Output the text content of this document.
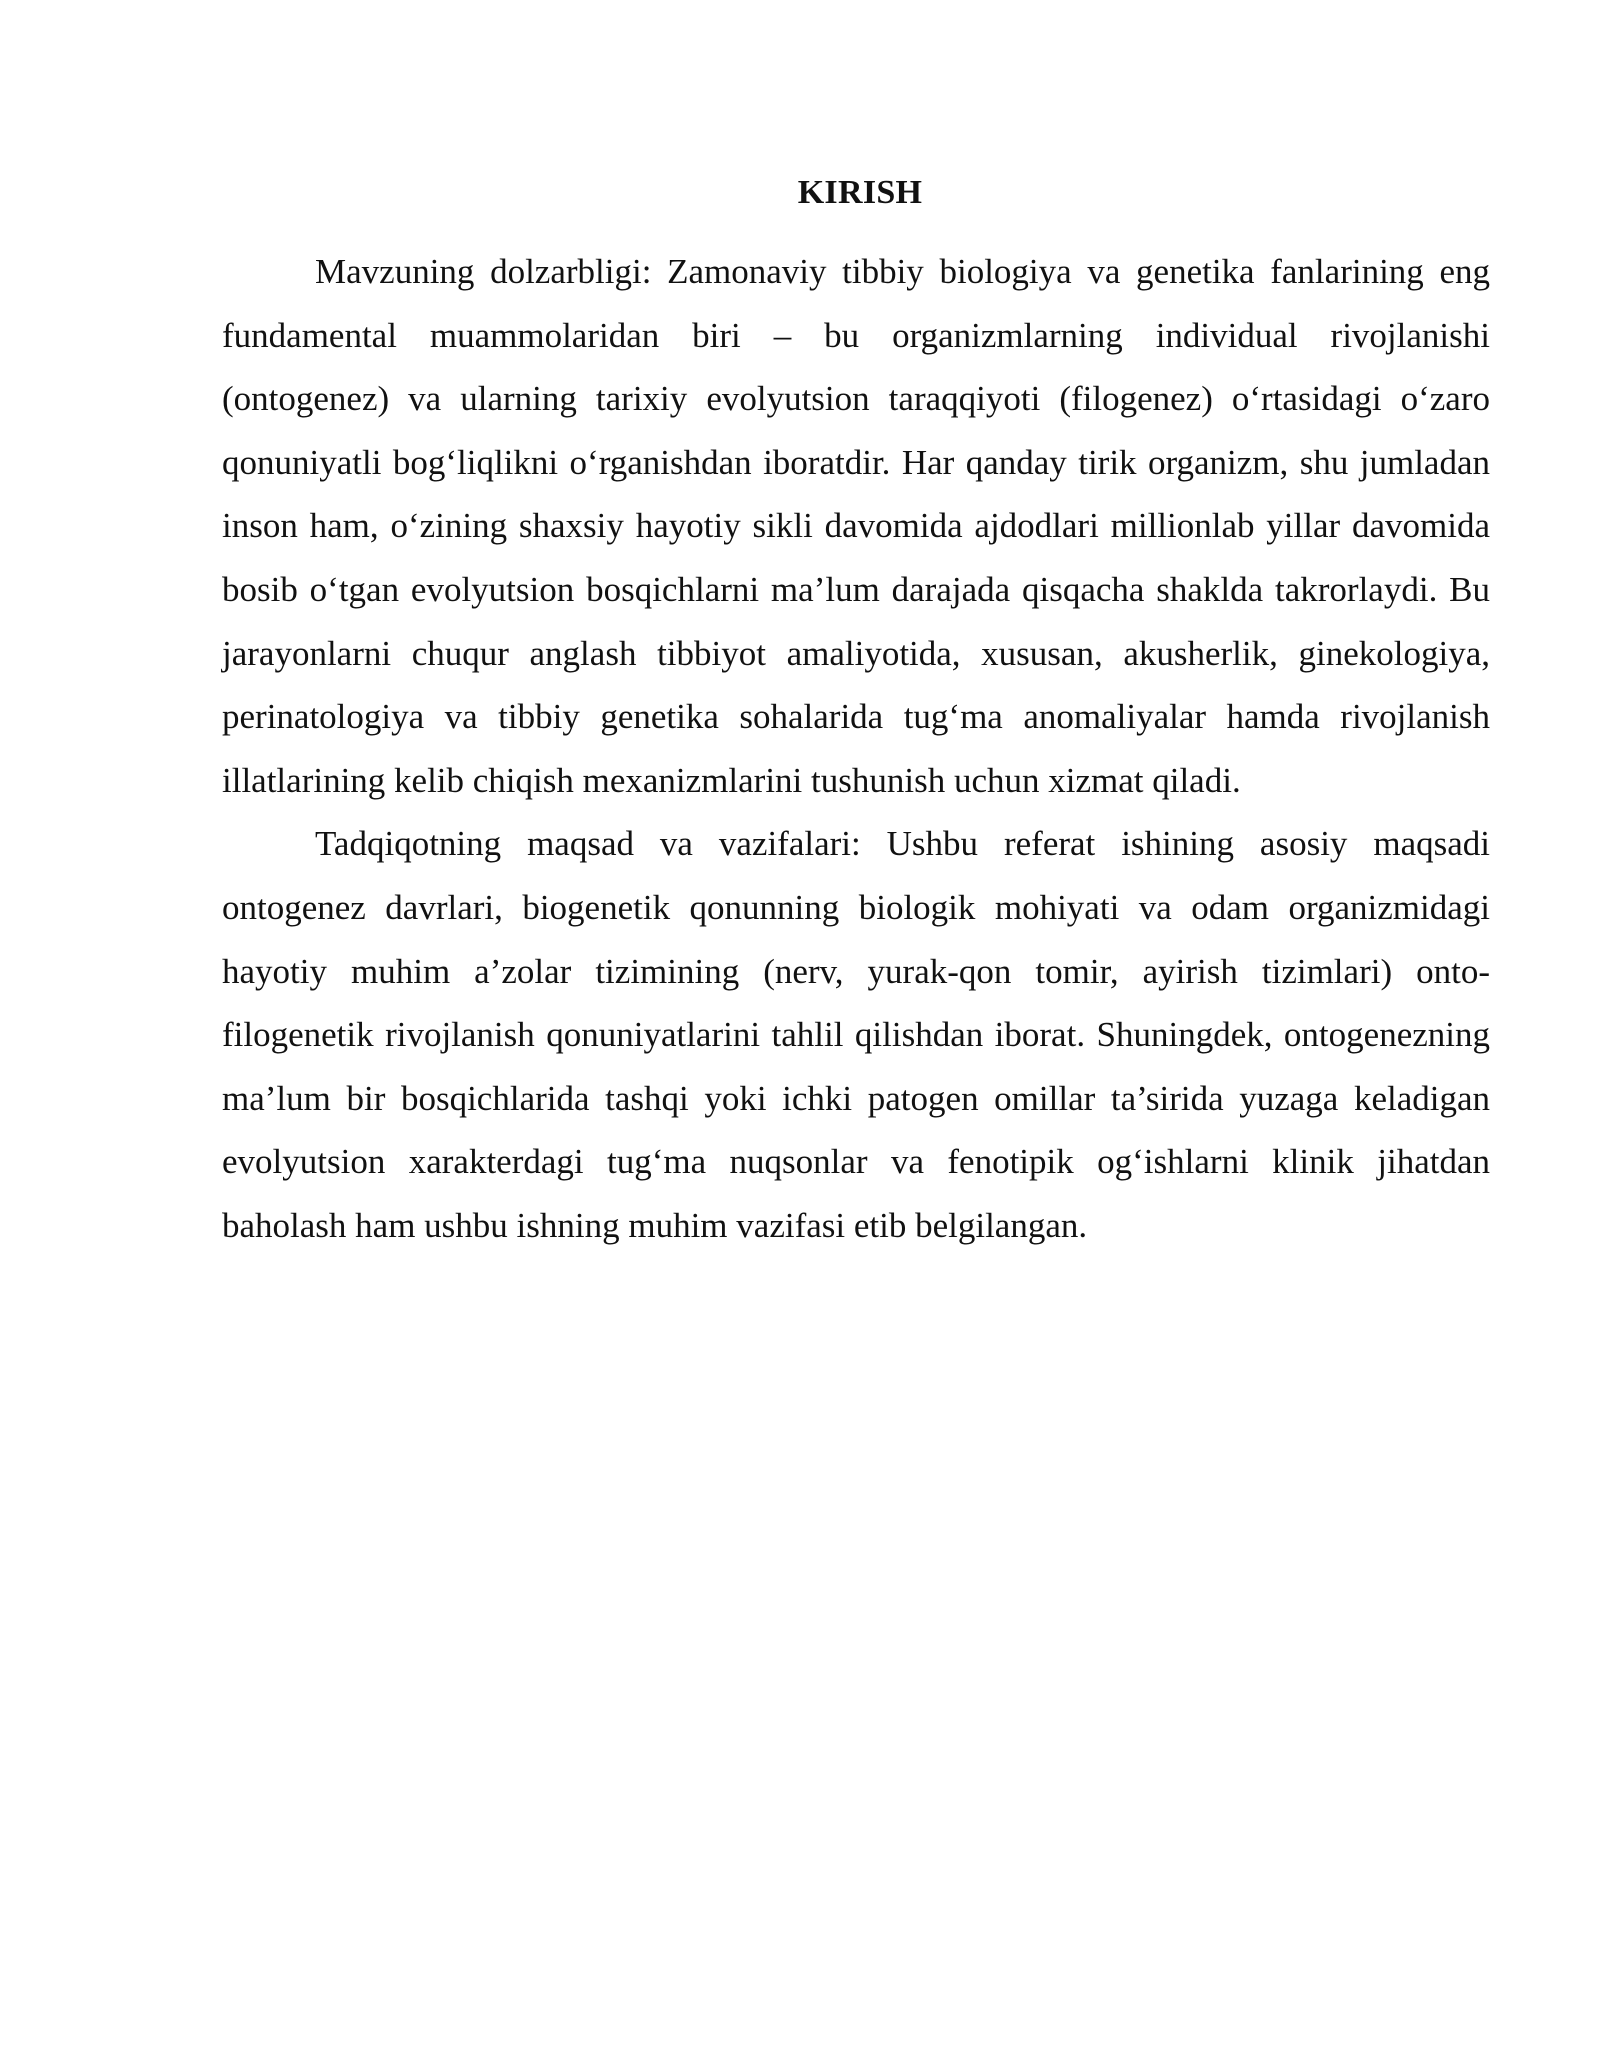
KIRISH

Mavzuning dolzarbligi: Zamonaviy tibbiy biologiya va genetika fanlarining eng fundamental muammolaridan biri – bu organizmlarning individual rivojlanishi (ontogenez) va ularning tarixiy evolyutsion taraqqiyoti (filogenez) oʻrtasidagi oʻzaro qonuniyatli bogʻliqlikni oʻrganishdan iboratdir. Har qanday tirik organizm, shu jumladan inson ham, oʻzining shaxsiy hayotiy sikli davomida ajdodlari millionlab yillar davomida bosib oʻtgan evolyutsion bosqichlarni ma’lum darajada qisqacha shaklda takrorlaydi. Bu jarayonlarni chuqur anglash tibbiyot amaliyotida, xususan, akusherlik, ginekologiya, perinatologiya va tibbiy genetika sohalarida tugʻma anomaliyalar hamda rivojlanish illatlarining kelib chiqish mexanizmlarini tushunish uchun xizmat qiladi.

Tadqiqotning maqsad va vazifalari: Ushbu referat ishining asosiy maqsadi ontogenez davrlari, biogenetik qonunning biologik mohiyati va odam organizmidagi hayotiy muhim a’zolar tizimining (nerv, yurak-qon tomir, ayirish tizimlari) onto-filogenetik rivojlanish qonuniyatlarini tahlil qilishdan iborat. Shuningdek, ontogenezning ma’lum bir bosqichlarida tashqi yoki ichki patogen omillar ta’sirida yuzaga keladigan evolyutsion xarakterdagi tugʻma nuqsonlar va fenotipik ogʻishlarni klinik jihatdan baholash ham ushbu ishning muhim vazifasi etib belgilangan.
